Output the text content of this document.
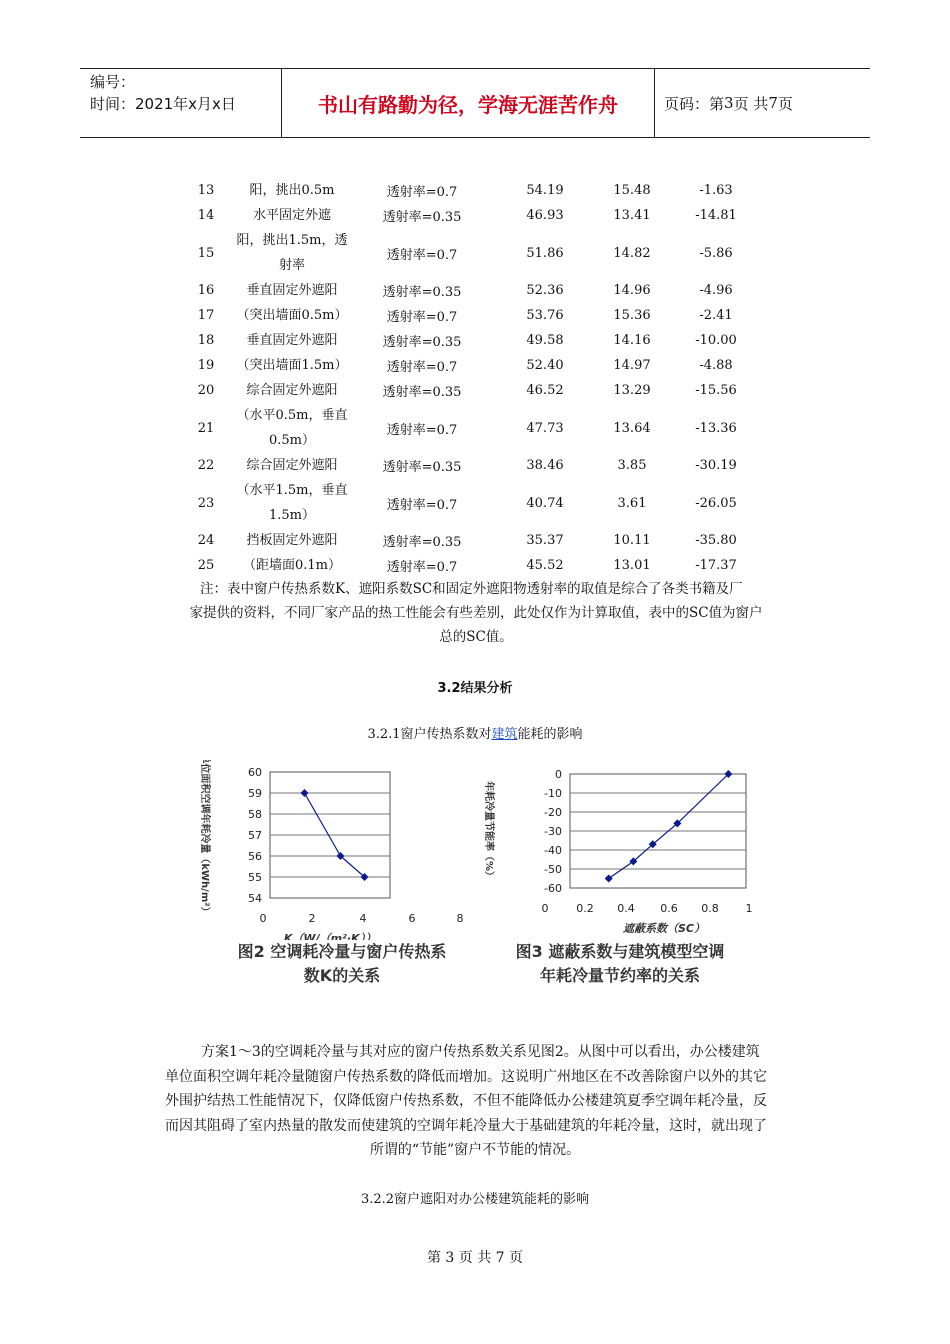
编号：
时间：2021年x月x日	书山有路勤为径，学海无涯苦作舟	页码：第 3 页 共 7 页
13	阳，挑出0.5m	透射率=0.7	54.19	15.48	-1.63
14	水平固定外遮	透射率=0.35	46.93	13.41	-14.81
15	阳，挑出1.5m，透射率	透射率=0.7	51.86	14.82	-5.86
16	垂直固定外遮阳	透射率=0.35	52.36	14.96	-4.96
17	（突出墙面0.5m）	透射率=0.7	53.76	15.36	-2.41
18	垂直固定外遮阳	透射率=0.35	49.58	14.16	-10.00
19	（突出墙面1.5m）	透射率=0.7	52.40	14.97	-4.88
20	综合固定外遮阳	透射率=0.35	46.52	13.29	-15.56
21	（水平0.5m，垂直0.5m）	透射率=0.7	47.73	13.64	-13.36
22	综合固定外遮阳	透射率=0.35	38.46	3.85	-30.19
23	（水平1.5m，垂直1.5m）	透射率=0.7	40.74	3.61	-26.05
24	挡板固定外遮阳	透射率=0.35	35.37	10.11	-35.80
25	（距墙面0.1m）	透射率=0.7	45.52	13.01	-17.37
注：表中窗户传热系数K、遮阳系数SC和固定外遮阳物透射率的取值是综合了各类书籍及厂
家提供的资料，不同厂家产品的热工性能会有些差别，此处仅作为计算取值，表中的SC值为窗户
总的SC值。
3.2结果分析
3.2.1窗户传热系数对建筑能耗的影响
60
59
58
57
56
55
54
0	2	4	6	8
单位面积空调年耗冷量（kWh/m²）
K（W/（m²·K））
图2 空调耗冷量与窗户传热系
数K的关系
0
-10
-20
-30
-40
-50
-60
0	0.2 0.4 0.6 0.8 1
年耗冷量节能率（%）
遮蔽系数（SC）
图3 遮蔽系数与建筑模型空调
年耗冷量节约率的关系
方案1～3的空调耗冷量与其对应的窗户传热系数关系见图2。从图中可以看出，办公楼建筑
单位面积空调年耗冷量随窗户传热系数的降低而增加。这说明广州地区在不改善除窗户以外的其它
外围护结热工性能情况下，仅降低窗户传热系数，不但不能降低办公楼建筑夏季空调年耗冷量，反
而因其阻碍了室内热量的散发而使建筑的空调年耗冷量大于基础建筑的年耗冷量，这时，就出现了
所谓的“节能”窗户不节能的情况。
3.2.2窗户遮阳对办公楼建筑能耗的影响
第 3 页 共 7 页
